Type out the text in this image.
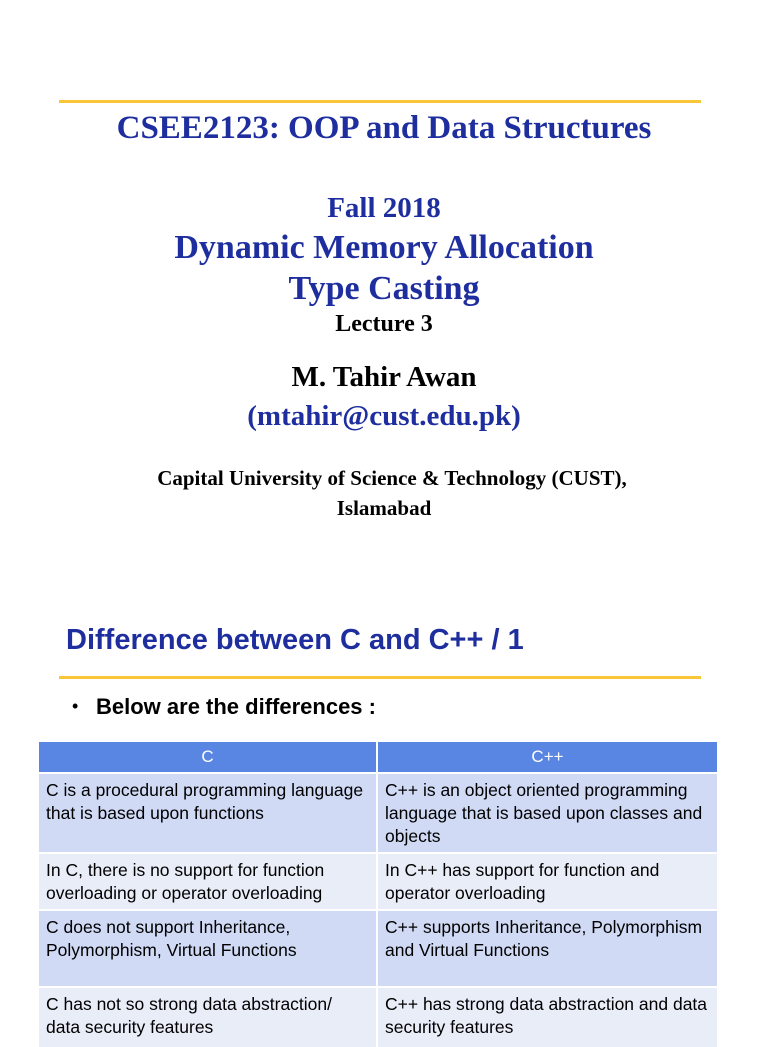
CSEE2123: OOP and Data Structures
Fall 2018
Dynamic Memory Allocation
Type Casting
Lecture 3
M. Tahir Awan
(mtahir@cust.edu.pk)
Capital University of Science & Technology (CUST),
Islamabad
Difference between C and C++ / 1
• Below are the differences :
C	C++
C is a procedural programming language that is based upon functions	C++ is an object oriented programming language that is based upon classes and objects
In C, there is no support for function overloading or operator overloading	In C++ has support for function and operator overloading
C does not support Inheritance, Polymorphism, Virtual Functions	C++ supports Inheritance, Polymorphism and Virtual Functions
C has not so strong data abstraction/ data security features	C++ has strong data abstraction and data security features
